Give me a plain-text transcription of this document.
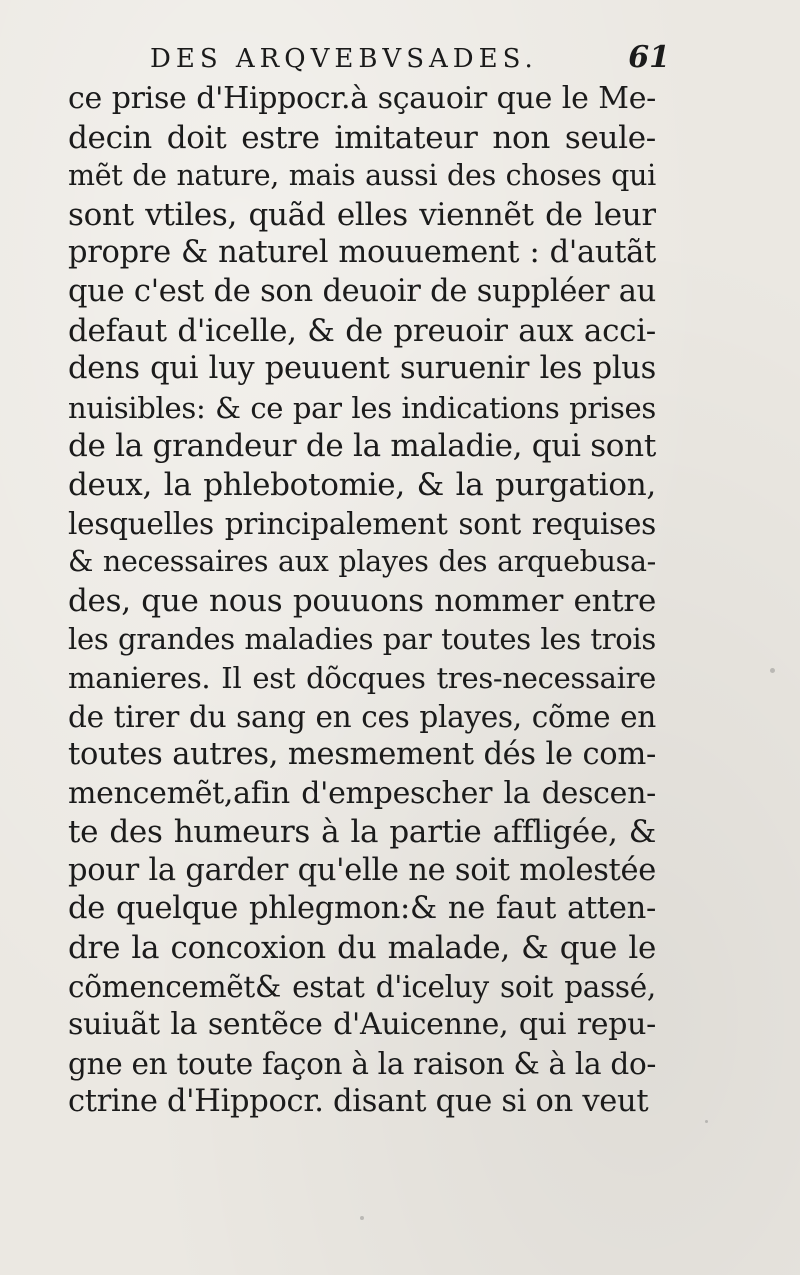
DES ARQVEBVSADES.	61
ce prise d'Hippocr.à sçauoir que le Me-
decin doit estre imitateur non seule-
mẽt de nature, mais aussi des choses qui
sont vtiles, quãd elles viennẽt de leur
propre & naturel mouuement : d'autãt
que c'est de son deuoir de suppléer au
defaut d'icelle, & de preuoir aux acci-
dens qui luy peuuent suruenir les plus
nuisibles: & ce par les indications prises
de la grandeur de la maladie, qui sont
deux, la phlebotomie, & la purgation,
lesquelles principalement sont requises
& necessaires aux playes des arquebusa-
des, que nous pouuons nommer entre
les grandes maladies par toutes les trois
manieres. Il est dõcques tres-necessaire
de tirer du sang en ces playes, cõme en
toutes autres, mesmement dés le com-
mencemẽt,afin d'empescher la descen-
te des humeurs à la partie affligée, &
pour la garder qu'elle ne soit molestée
de quelque phlegmon:& ne faut atten-
dre la concoxion du malade, & que le
cõmencemẽt& estat d'iceluy soit passé,
suiuãt la sentẽce d'Auicenne, qui repu-
gne en toute façon à la raison & à la do-
ctrine d'Hippocr. disant que si on veut
